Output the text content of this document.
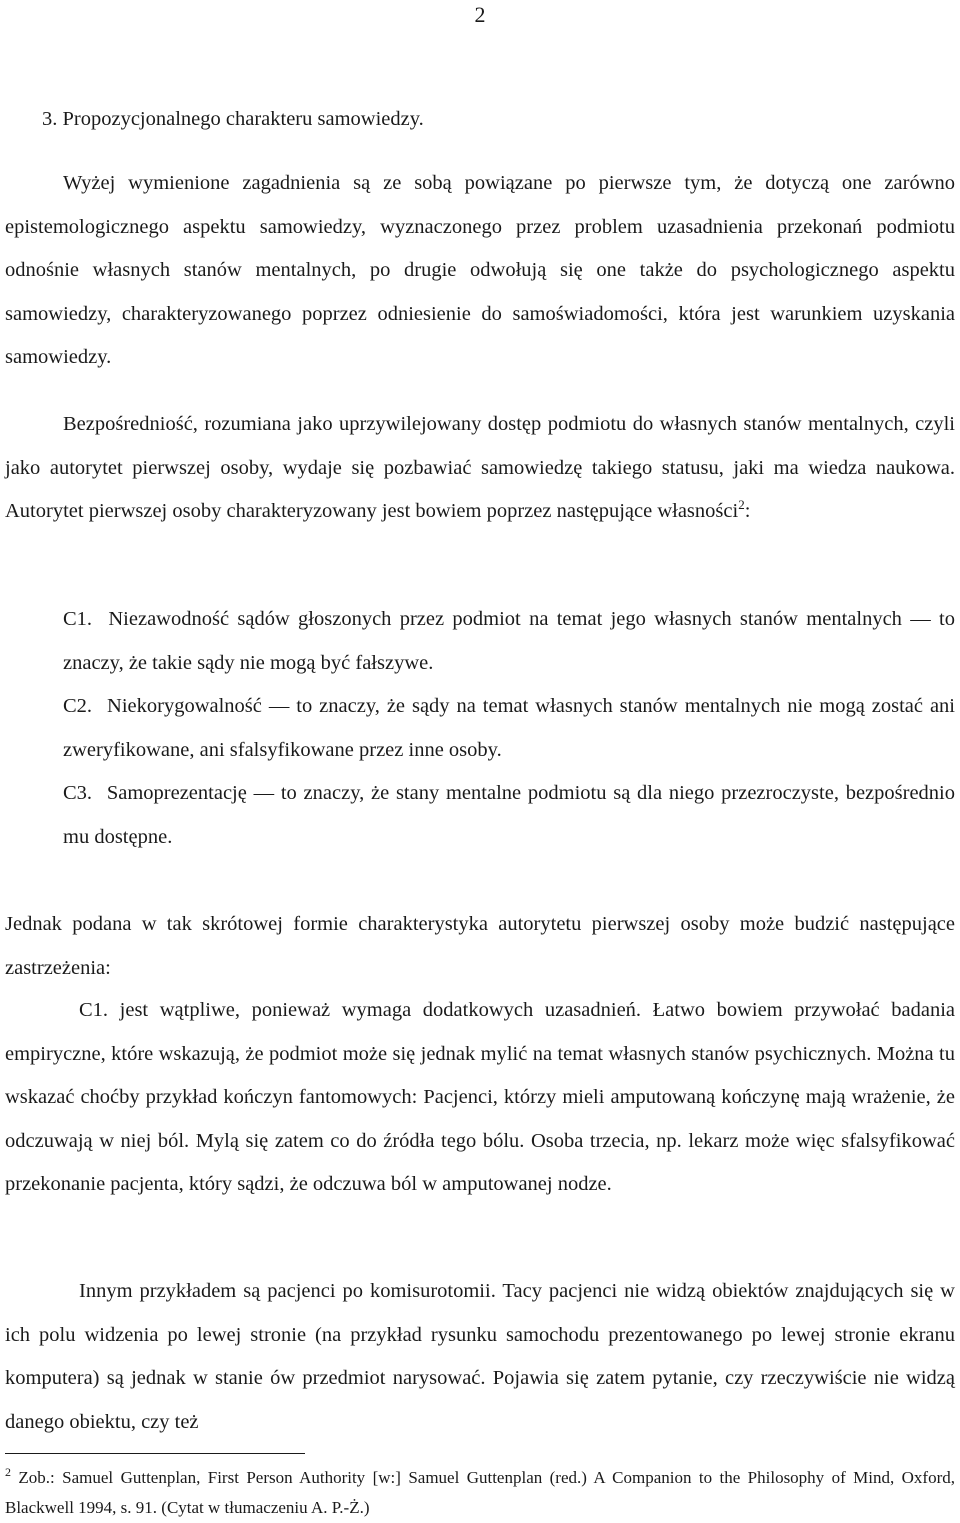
2
3. Propozycjonalnego charakteru samowiedzy.

Wyżej wymienione zagadnienia są ze sobą powiązane po pierwsze tym, że dotyczą one zarówno epistemologicznego aspektu samowiedzy, wyznaczonego przez problem uzasadnienia przekonań podmiotu odnośnie własnych stanów mentalnych, po drugie odwołują się one także do psychologicznego aspektu samowiedzy, charakteryzowanego poprzez odniesienie do samoświadomości, która jest warunkiem uzyskania samowiedzy.

Bezpośredniość, rozumiana jako uprzywilejowany dostęp podmiotu do własnych stanów mentalnych, czyli jako autorytet pierwszej osoby, wydaje się pozbawiać samowiedzę takiego statusu, jaki ma wiedza naukowa. Autorytet pierwszej osoby charakteryzowany jest bowiem poprzez następujące własności$^2$:

C1. Niezawodność sądów głoszonych przez podmiot na temat jego własnych stanów mentalnych — to znaczy, że takie sądy nie mogą być fałszywe.

C2. Niekorygowalność — to znaczy, że sądy na temat własnych stanów mentalnych nie mogą zostać ani zweryfikowane, ani sfalsyfikowane przez inne osoby.

C3. Samoprezentację — to znaczy, że stany mentalne podmiotu są dla niego przezroczyste, bezpośrednio mu dostępne.

Jednak podana w tak skrótowej formie charakterystyka autorytetu pierwszej osoby może budzić następujące zastrzeżenia:

C1. jest wątpliwe, ponieważ wymaga dodatkowych uzasadnień. Łatwo bowiem przywołać badania empiryczne, które wskazują, że podmiot może się jednak mylić na temat własnych stanów psychicznych. Można tu wskazać choćby przykład kończyn fantomowych: Pacjenci, którzy mieli amputowaną kończynę mają wrażenie, że odczuwają w niej ból. Mylą się zatem co do źródła tego bólu. Osoba trzecia, np. lekarz może więc sfalsyfikować przekonanie pacjenta, który sądzi, że odczuwa ból w amputowanej nodze.

Innym przykładem są pacjenci po komisurotomii. Tacy pacjenci nie widzą obiektów znajdujących się w ich polu widzenia po lewej stronie (na przykład rysunku samochodu prezentowanego po lewej stronie ekranu komputera) są jednak w stanie ów przedmiot narysować. Pojawia się zatem pytanie, czy rzeczywiście nie widzą danego obiektu, czy też

$^2$ Zob.: Samuel Guttenplan, First Person Authority [w:] Samuel Guttenplan (red.) A Companion to the Philosophy of Mind, Oxford, Blackwell 1994, s. 91. (Cytat w tłumaczeniu A. P.-Ż.)
